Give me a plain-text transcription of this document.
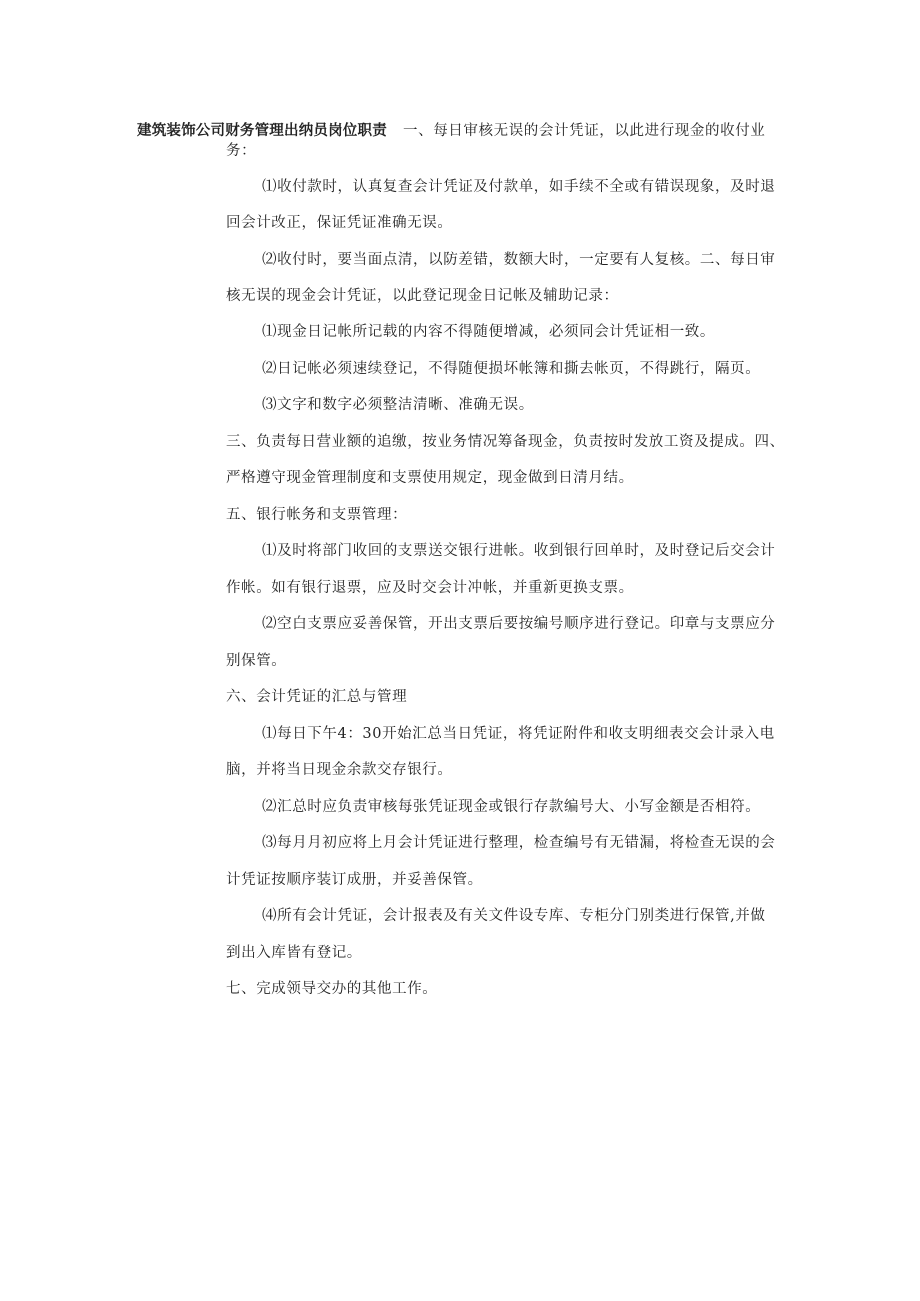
建筑装饰公司财务管理出纳员岗位职责 一、每日审核无误的会计凭证，以此进行现金的收付业
务：
⑴收付款时，认真复查会计凭证及付款单，如手续不全或有错误现象，及时退
回会计改正，保证凭证准确无误。
⑵收付时，要当面点清，以防差错，数额大时，一定要有人复核。二、每日审
核无误的现金会计凭证，以此登记现金日记帐及辅助记录：
⑴现金日记帐所记载的内容不得随便增减，必须同会计凭证相一致。
⑵日记帐必须速续登记，不得随便损坏帐簿和撕去帐页，不得跳行，隔页。
⑶文字和数字必须整洁清晰、准确无误。
三、负责每日营业额的追缴，按业务情况筹备现金，负责按时发放工资及提成。四、
严格遵守现金管理制度和支票使用规定，现金做到日清月结。
五、银行帐务和支票管理：
⑴及时将部门收回的支票送交银行进帐。收到银行回单时，及时登记后交会计
作帐。如有银行退票，应及时交会计冲帐，并重新更换支票。
⑵空白支票应妥善保管，开出支票后要按编号顺序进行登记。印章与支票应分
别保管。
六、会计凭证的汇总与管理
⑴每日下午4：30开始汇总当日凭证，将凭证附件和收支明细表交会计录入电
脑，并将当日现金余款交存银行。
⑵汇总时应负责审核每张凭证现金或银行存款编号大、小写金额是否相符。
⑶每月月初应将上月会计凭证进行整理，检查编号有无错漏，将检查无误的会
计凭证按顺序装订成册，并妥善保管。
⑷所有会计凭证，会计报表及有关文件设专库、专柜分门别类进行保管,并做
到出入库皆有登记。
七、完成领导交办的其他工作。
